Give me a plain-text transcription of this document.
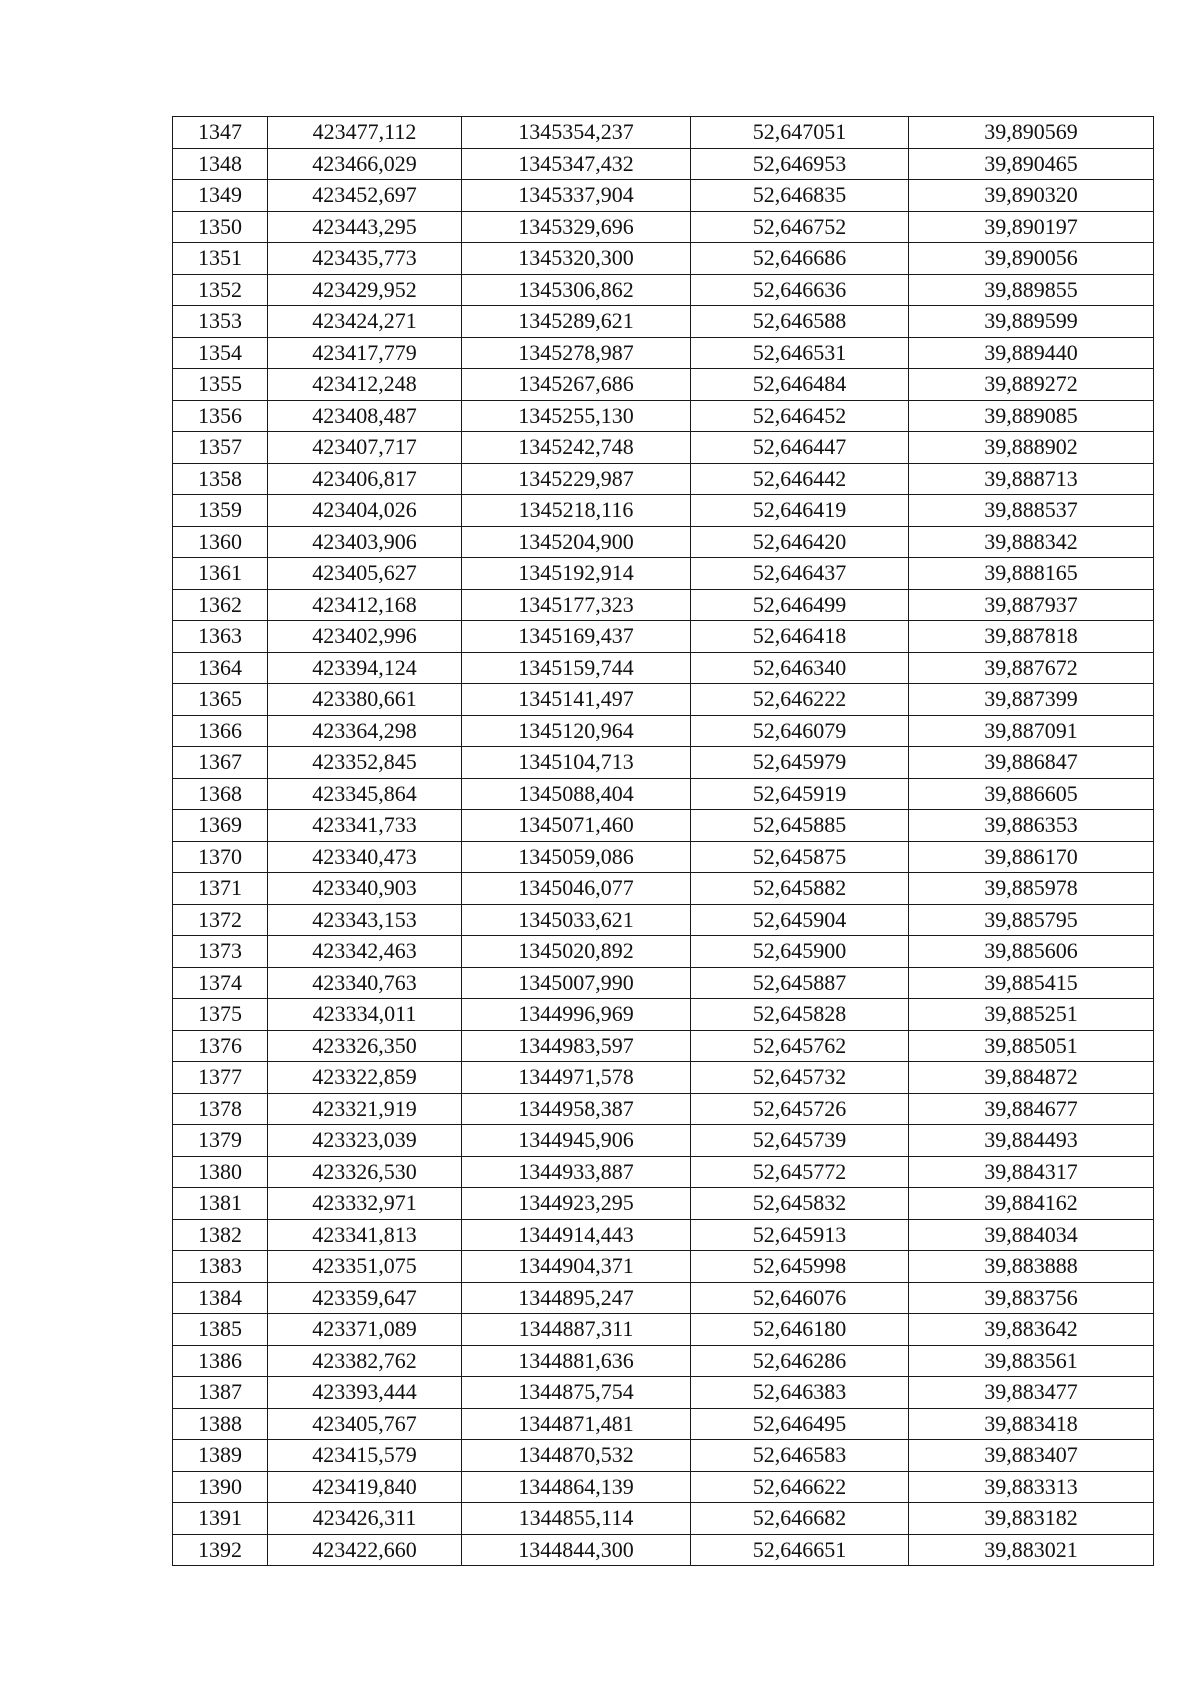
1347	423477,112	1345354,237	52,647051	39,890569
1348	423466,029	1345347,432	52,646953	39,890465
1349	423452,697	1345337,904	52,646835	39,890320
1350	423443,295	1345329,696	52,646752	39,890197
1351	423435,773	1345320,300	52,646686	39,890056
1352	423429,952	1345306,862	52,646636	39,889855
1353	423424,271	1345289,621	52,646588	39,889599
1354	423417,779	1345278,987	52,646531	39,889440
1355	423412,248	1345267,686	52,646484	39,889272
1356	423408,487	1345255,130	52,646452	39,889085
1357	423407,717	1345242,748	52,646447	39,888902
1358	423406,817	1345229,987	52,646442	39,888713
1359	423404,026	1345218,116	52,646419	39,888537
1360	423403,906	1345204,900	52,646420	39,888342
1361	423405,627	1345192,914	52,646437	39,888165
1362	423412,168	1345177,323	52,646499	39,887937
1363	423402,996	1345169,437	52,646418	39,887818
1364	423394,124	1345159,744	52,646340	39,887672
1365	423380,661	1345141,497	52,646222	39,887399
1366	423364,298	1345120,964	52,646079	39,887091
1367	423352,845	1345104,713	52,645979	39,886847
1368	423345,864	1345088,404	52,645919	39,886605
1369	423341,733	1345071,460	52,645885	39,886353
1370	423340,473	1345059,086	52,645875	39,886170
1371	423340,903	1345046,077	52,645882	39,885978
1372	423343,153	1345033,621	52,645904	39,885795
1373	423342,463	1345020,892	52,645900	39,885606
1374	423340,763	1345007,990	52,645887	39,885415
1375	423334,011	1344996,969	52,645828	39,885251
1376	423326,350	1344983,597	52,645762	39,885051
1377	423322,859	1344971,578	52,645732	39,884872
1378	423321,919	1344958,387	52,645726	39,884677
1379	423323,039	1344945,906	52,645739	39,884493
1380	423326,530	1344933,887	52,645772	39,884317
1381	423332,971	1344923,295	52,645832	39,884162
1382	423341,813	1344914,443	52,645913	39,884034
1383	423351,075	1344904,371	52,645998	39,883888
1384	423359,647	1344895,247	52,646076	39,883756
1385	423371,089	1344887,311	52,646180	39,883642
1386	423382,762	1344881,636	52,646286	39,883561
1387	423393,444	1344875,754	52,646383	39,883477
1388	423405,767	1344871,481	52,646495	39,883418
1389	423415,579	1344870,532	52,646583	39,883407
1390	423419,840	1344864,139	52,646622	39,883313
1391	423426,311	1344855,114	52,646682	39,883182
1392	423422,660	1344844,300	52,646651	39,883021
